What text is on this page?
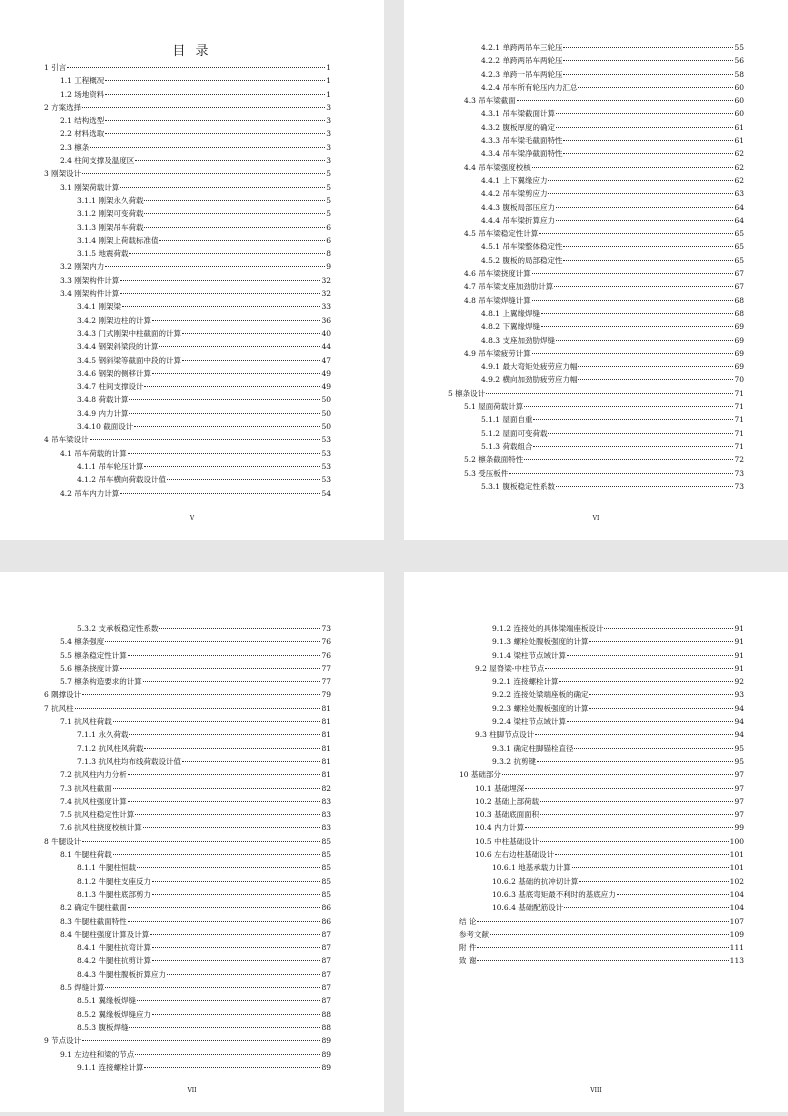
目 录
1 引言	1
1.1 工程概况	1
1.2 场地资料	1
2 方案选择	3
2.1 结构选型	3
2.2 材料选取	3
2.3 檩条	3
2.4 柱间支撑及温度区	3
3 刚架设计	5
3.1 刚架荷载计算	5
3.1.1 刚架永久荷载	5
3.1.2 刚架可变荷载	5
3.1.3 刚架吊车荷载	6
3.1.4 刚架上荷载标准值	6
3.1.5 地震荷载	8
3.2 刚架内力	9
3.3 刚架构件计算	32
3.4 刚架构件计算	32
3.4.1 刚架梁	33
3.4.2 刚架边柱的计算	36
3.4.3 门式刚架中柱截面的计算	40
3.4.4 钢架斜梁段的计算	44
3.4.5 钢斜梁等截面中段的计算	47
3.4.6 钢架的侧移计算	49
3.4.7 柱间支撑设计	49
3.4.8 荷载计算	50
3.4.9 内力计算	50
3.4.10 截面设计	50
4 吊车梁设计	53
4.1 吊车荷载的计算	53
4.1.1 吊车轮压计算	53
4.1.2 吊车横向荷载设计值	53
4.2 吊车内力计算	54
V
4.2.1 单跨两吊车三轮压	55
4.2.2 单跨两吊车两轮压	56
4.2.3 单跨一吊车两轮压	58
4.2.4 吊车所有轮压内力汇总	60
4.3 吊车梁截面	60
4.3.1 吊车梁截面计算	60
4.3.2 腹板厚度的确定	61
4.3.3 吊车梁毛截面特性	61
4.3.4 吊车梁净截面特性	62
4.4 吊车梁强度校核	62
4.4.1 上下翼缘应力	62
4.4.2 吊车梁剪应力	63
4.4.3 腹板局部压应力	64
4.4.4 吊车梁折算应力	64
4.5 吊车梁稳定性计算	65
4.5.1 吊车梁整体稳定性	65
4.5.2 腹板的局部稳定性	65
4.6 吊车梁挠度计算	67
4.7 吊车梁支座加劲肋计算	67
4.8 吊车梁焊缝计算	68
4.8.1 上翼缘焊缝	68
4.8.2 下翼缘焊缝	69
4.8.3 支座加劲肋焊缝	69
4.9 吊车梁疲劳计算	69
4.9.1 最大弯矩处疲劳应力幅	69
4.9.2 横向加劲肋疲劳应力幅	70
5 檩条设计	71
5.1 屋面荷载计算	71
5.1.1 屋面自重	71
5.1.2 屋面可变荷载	71
5.1.3 荷载组合	71
5.2 檩条截面特性	72
5.3 受压板件	73
5.3.1 腹板稳定性系数	73
VI
5.3.2 支承板稳定性系数	73
5.4 檩条强度	76
5.5 檩条稳定性计算	76
5.6 檩条挠度计算	77
5.7 檩条构造要求的计算	77
6 隅撑设计	79
7 抗风柱	81
7.1 抗风柱荷载	81
7.1.1 永久荷载	81
7.1.2 抗风柱风荷载	81
7.1.3 抗风柱均布线荷载设计值	81
7.2 抗风柱内力分析	81
7.3 抗风柱截面	82
7.4 抗风柱强度计算	83
7.5 抗风柱稳定性计算	83
7.6 抗风柱挠度校核计算	83
8 牛腿设计	85
8.1 牛腿柱荷载	85
8.1.1 牛腿柱恒载	85
8.1.2 牛腿柱支座反力	85
8.1.3 牛腿柱底部剪力	85
8.2 确定牛腿柱截面	86
8.3 牛腿柱截面特性	86
8.4 牛腿柱强度计算及计算	87
8.4.1 牛腿柱抗弯计算	87
8.4.2 牛腿柱抗剪计算	87
8.4.3 牛腿柱腹板折算应力	87
8.5 焊缝计算	87
8.5.1 翼缘板焊缝	87
8.5.2 翼缘板焊缝应力	88
8.5.3 腹板焊缝	88
9 节点设计	89
9.1 左边柱和梁的节点	89
9.1.1 连接螺栓计算	89
VII
9.1.2 连接处的具体梁端座板设计	91
9.1.3 螺栓处腹板强度的计算	91
9.1.4 梁柱节点域计算	91
9.2 屋脊梁-中柱节点	91
9.2.1 连接螺栓计算	92
9.2.2 连接处梁端座板的确定	93
9.2.3 螺栓处腹板强度的计算	94
9.2.4 梁柱节点域计算	94
9.3 柱脚节点设计	94
9.3.1 确定柱脚锚栓直径	95
9.3.2 抗剪键	95
10 基础部分	97
10.1 基础埋深	97
10.2 基础上部荷载	97
10.3 基础底面面积	97
10.4 内力计算	99
10.5 中柱基础设计	100
10.6 左右边柱基础设计	101
10.6.1 地基承载力计算	101
10.6.2 基础的抗冲切计算	102
10.6.3 基底弯矩最不利时的基底应力	104
10.6.4 基础配筋设计	104
结 论	107
参考文献	109
附 件	111
致 谢	113
VIII
